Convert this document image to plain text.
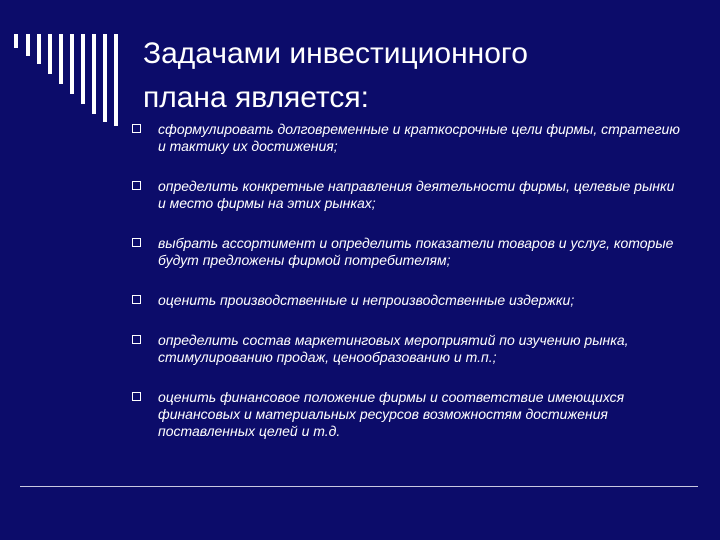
Задачами инвестиционного
плана является:
сформулировать долговременные и краткосрочные цели фирмы, стратегию и тактику их достижения;
определить конкретные направления деятельности фирмы, целевые рынки и место фирмы на этих рынках;
выбрать ассортимент и определить показатели товаров и услуг, которые будут предложены фирмой потребителям;
оценить производственные и непроизводственные издержки;
определить состав маркетинговых мероприятий по изучению рынка, стимулированию продаж, ценообразованию и т.п.;
оценить финансовое положение фирмы и соответствие имеющихся финансовых и материальных ресурсов возможностям достижения поставленных целей и т.д.
